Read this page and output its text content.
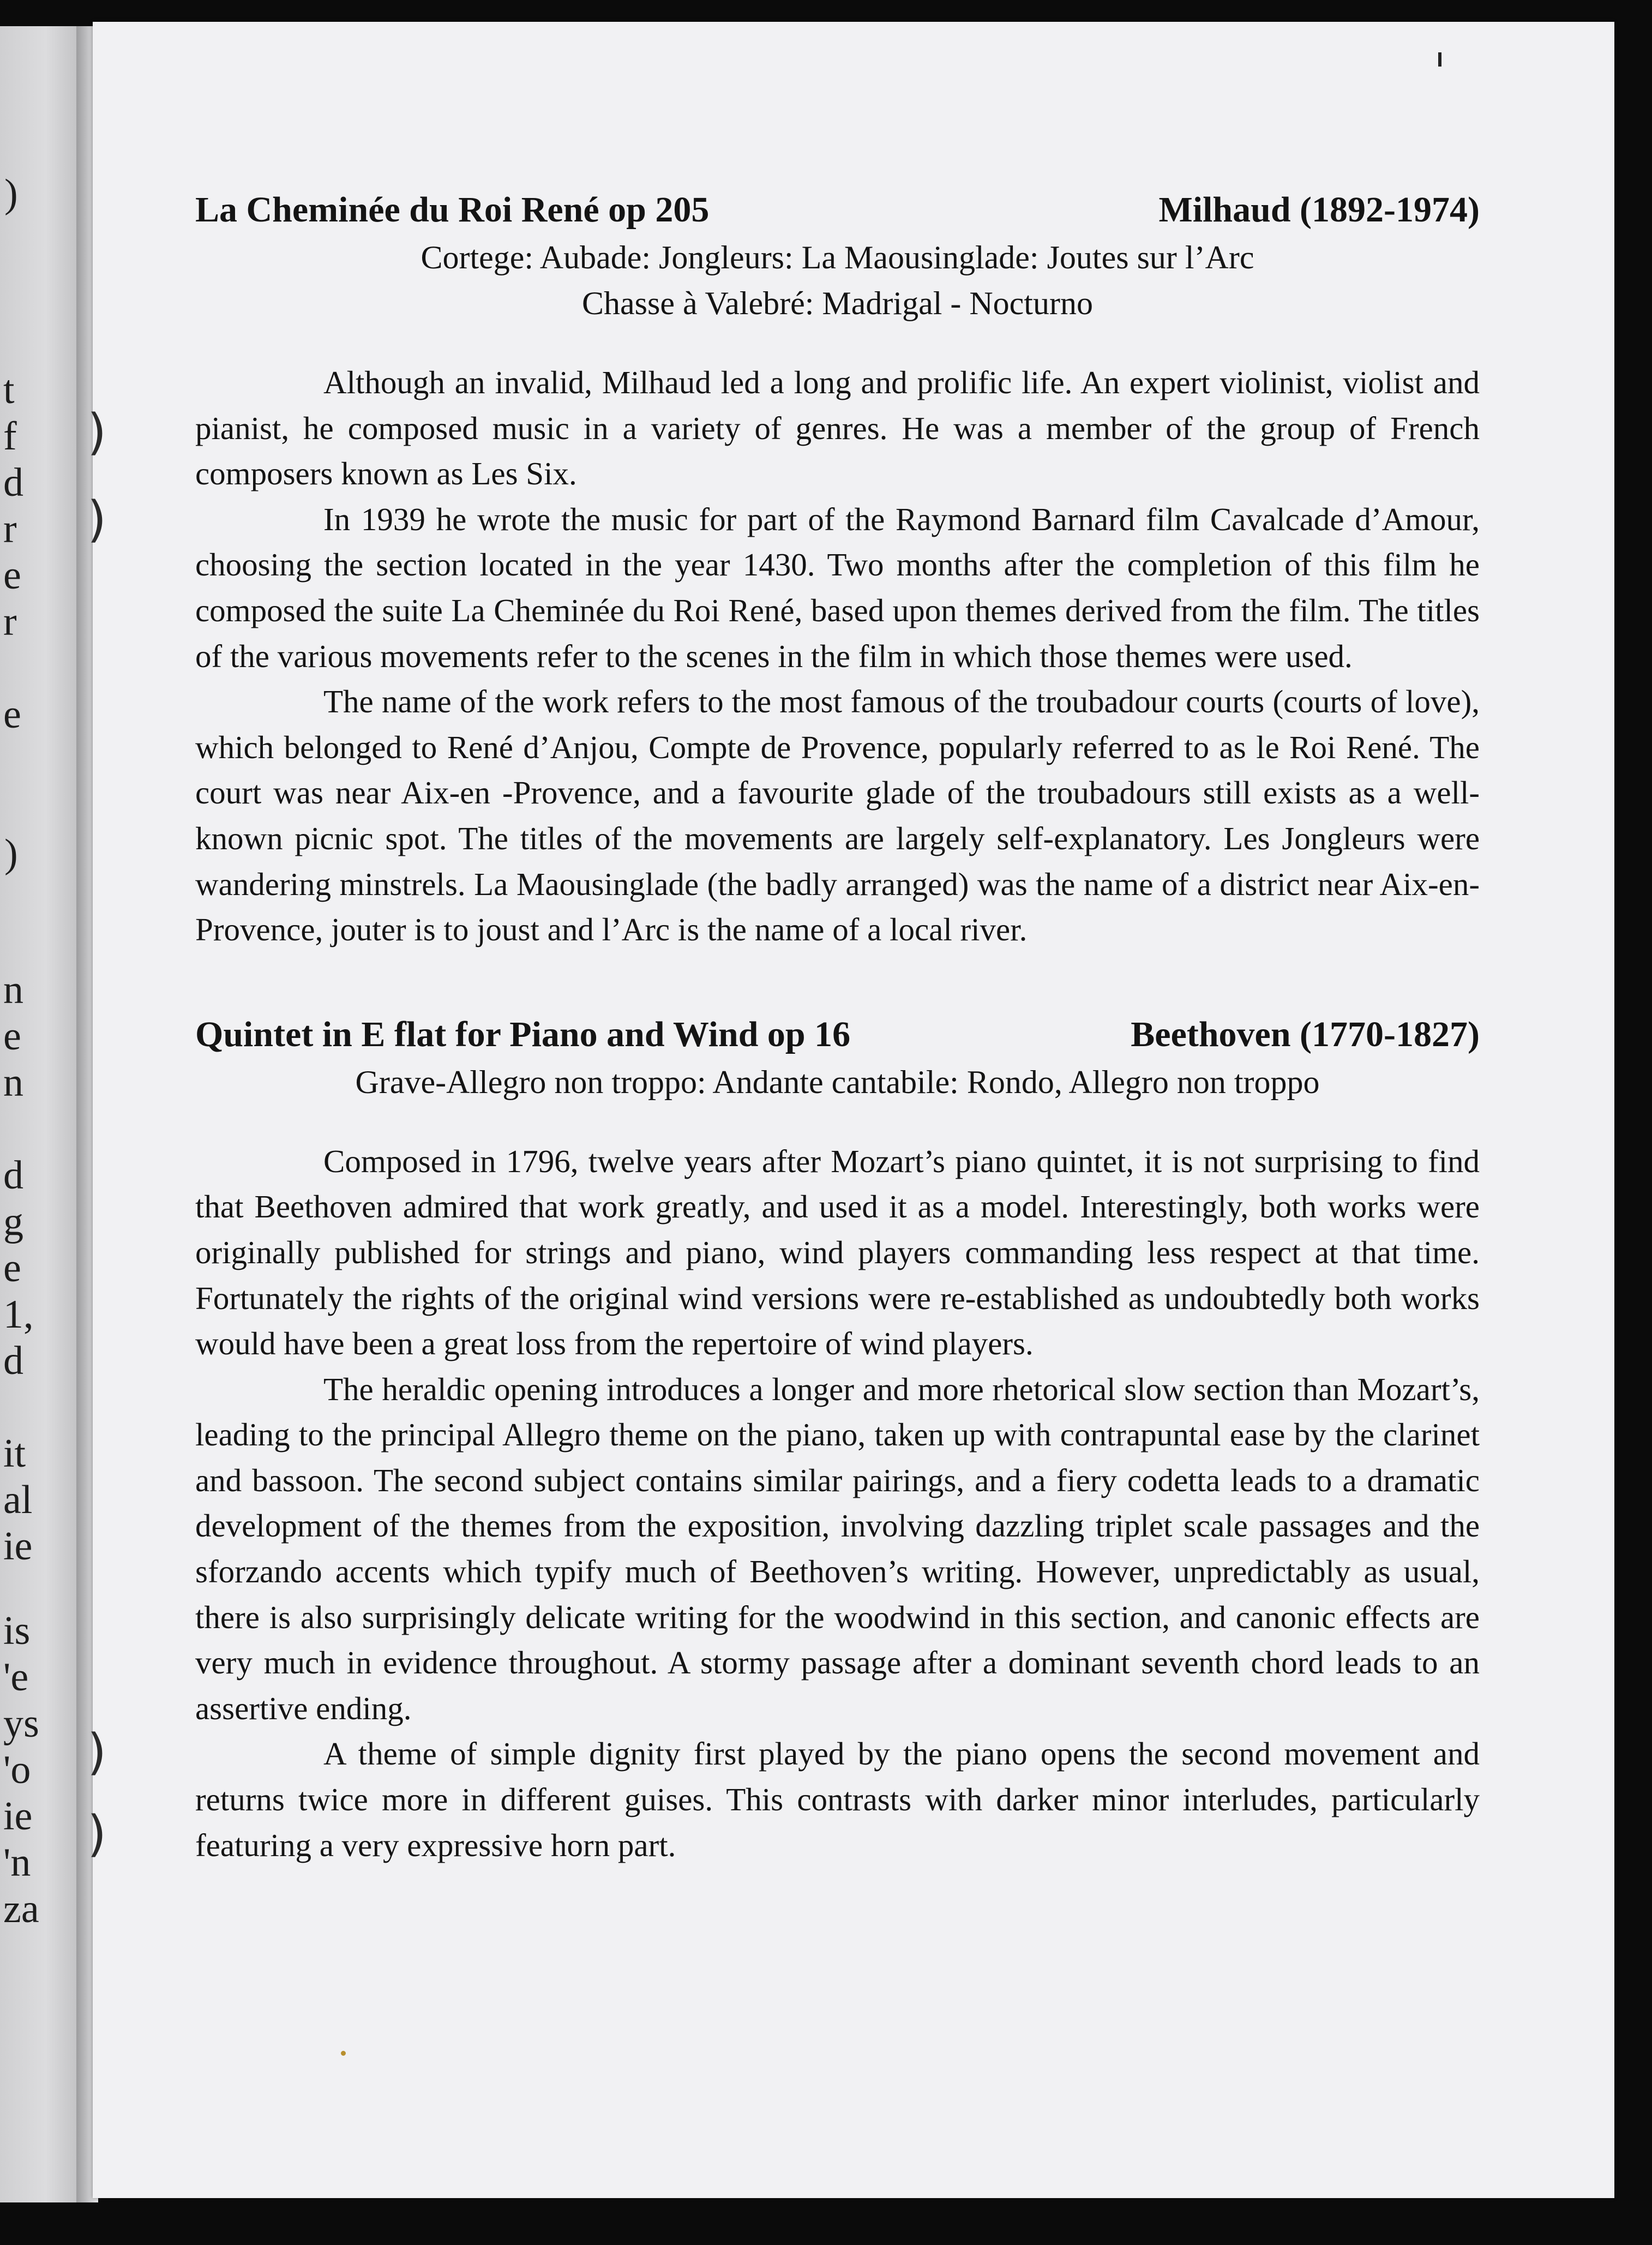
)
t
f
d
r
e
r
e
)
n
e
n
d
g
e
1,
d
it
al
ie
is
'e
ys
'o
ie
'n
za
)
)
)
)
La Cheminée du Roi René op 205	Milhaud (1892-1974)
Cortege: Aubade: Jongleurs: La Maousinglade: Joutes sur l’Arc
Chasse à Valebré: Madrigal - Nocturno

Although an invalid, Milhaud led a long and prolific life. An expert violinist, violist and pianist, he composed music in a variety of genres. He was a member of the group of French composers known as Les Six.

In 1939 he wrote the music for part of the Raymond Barnard film Cavalcade d’Amour, choosing the section located in the year 1430. Two months after the completion of this film he composed the suite La Cheminée du Roi René, based upon themes derived from the film. The titles of the various movements refer to the scenes in the film in which those themes were used.

The name of the work refers to the most famous of the troubadour courts (courts of love), which belonged to René d’Anjou, Compte de Provence, popularly referred to as le Roi René. The court was near Aix-en -Provence, and a favourite glade of the troubadours still exists as a well-known picnic spot. The titles of the movements are largely self-explanatory. Les Jongleurs were wandering minstrels. La Maousinglade (the badly arranged) was the name of a district near Aix-en-Provence, jouter is to joust and l’Arc is the name of a local river.

Quintet in E flat for Piano and Wind op 16	Beethoven (1770-1827)
Grave-Allegro non troppo: Andante cantabile: Rondo, Allegro non troppo

Composed in 1796, twelve years after Mozart’s piano quintet, it is not surprising to find that Beethoven admired that work greatly, and used it as a model. Interestingly, both works were originally published for strings and piano, wind players commanding less respect at that time. Fortunately the rights of the original wind versions were re-established as undoubtedly both works would have been a great loss from the repertoire of wind players.

The heraldic opening introduces a longer and more rhetorical slow section than Mozart’s, leading to the principal Allegro theme on the piano, taken up with contrapuntal ease by the clarinet and bassoon. The second subject contains similar pairings, and a fiery codetta leads to a dramatic development of the themes from the exposition, involving dazzling triplet scale passages and the sforzando accents which typify much of Beethoven’s writing. However, unpredictably as usual, there is also surprisingly delicate writing for the woodwind in this section, and canonic effects are very much in evidence throughout. A stormy passage after a dominant seventh chord leads to an assertive ending.

A theme of simple dignity first played by the piano opens the second movement and returns twice more in different guises. This contrasts with darker minor interludes, particularly featuring a very expressive horn part.
